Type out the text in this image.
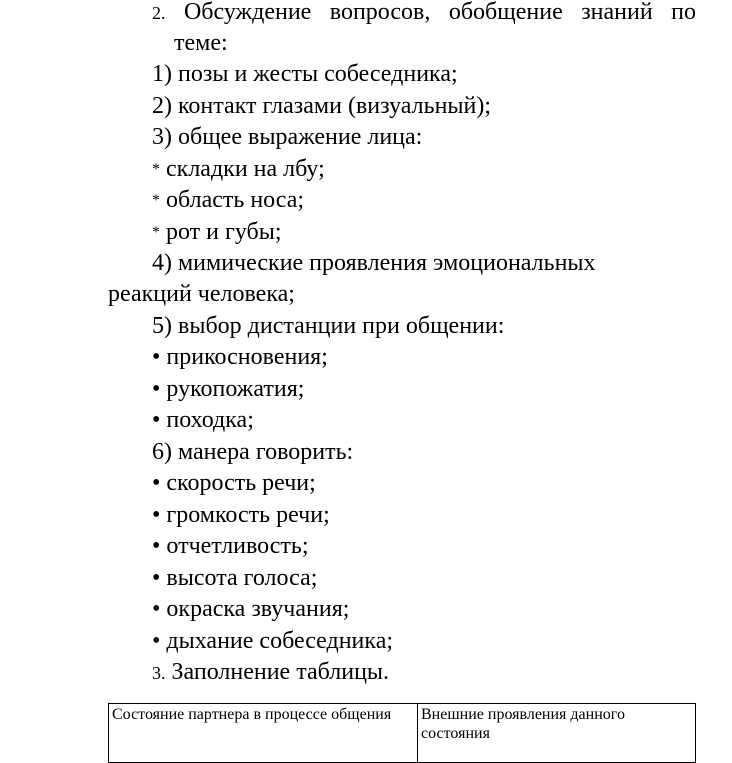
2. Обсуждение вопросов, обобщение знаний по
теме:
1) позы и жесты собеседника;
2) контакт глазами (визуальный);
3) общее выражение лица:
* складки на лбу;
* область носа;
* рот и губы;
4) мимические проявления эмоциональных
реакций человека;
5) выбор дистанции при общении:
• прикосновения;
• рукопожатия;
• походка;
6) манера говорить:
• скорость речи;
• громкость речи;
• отчетливость;
• высота голоса;
• окраска звучания;
• дыхание собеседника;
3. Заполнение таблицы.
Состояние партнера в процессе общения	Внешние проявления данного состояния
